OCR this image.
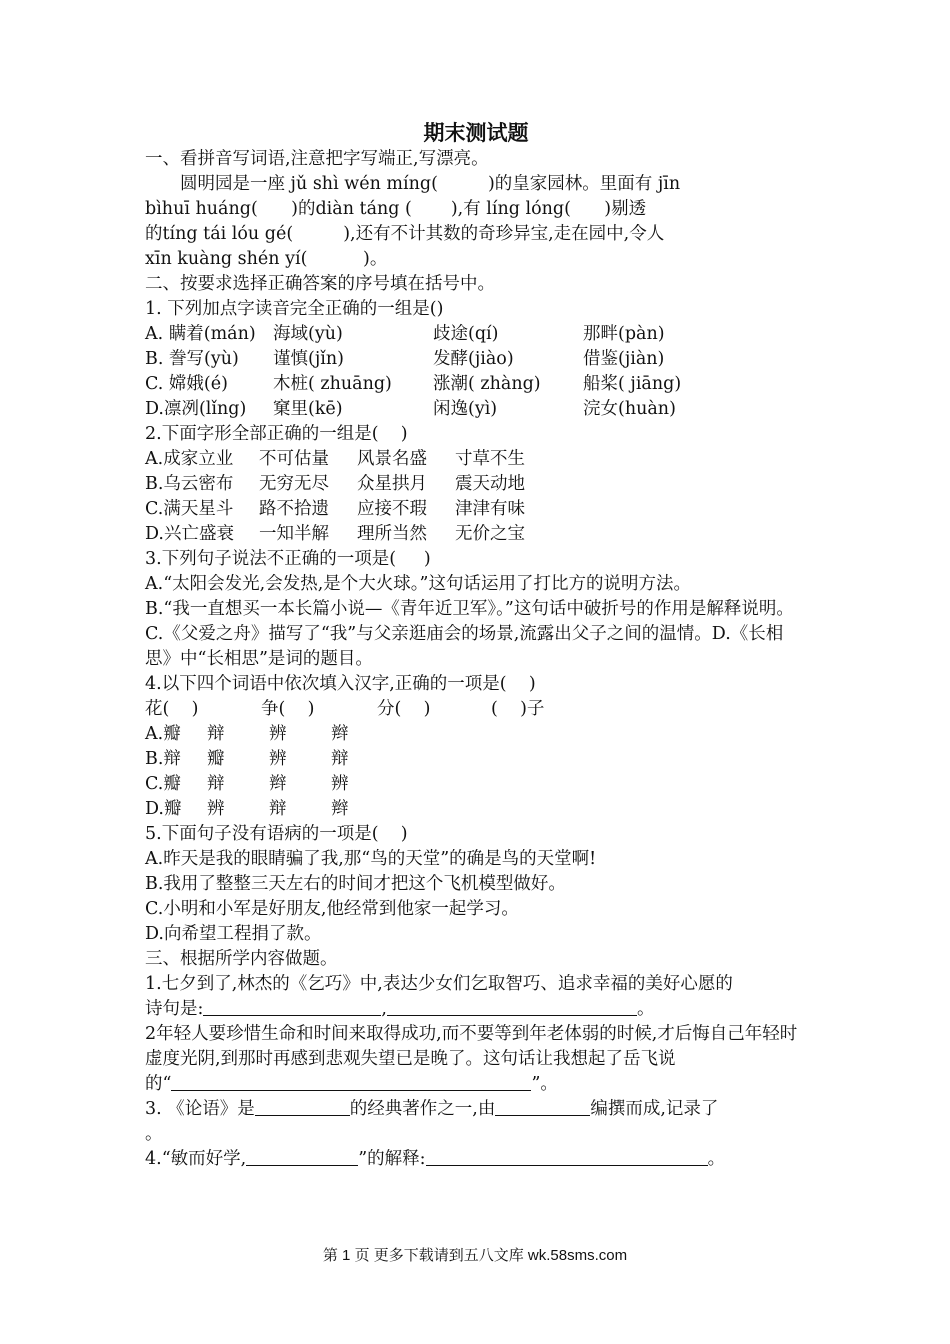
期末测试题
一、看拼音写词语,注意把字写端正,写漂亮。
圆明园是一座 jǔ shì wén míng(         )的皇家园林。里面有 jīn
bìhuī huáng(      )的diàn táng (       ),有 líng lóng(      )剔透
的tíng tái lóu gé(         ),还有不计其数的奇珍异宝,走在园中,令人
xīn kuàng shén yí(          )。
二、按要求选择正确答案的序号填在括号中。
1. 下列加点字读音完全正确的一组是()
A. 瞒着(mán) 海域(yù)	歧途(qí)	那畔(pàn)
B. 誊写(yù)	谨慎(jǐn)	发酵(jiào)	借鉴(jiàn)
C. 嫦娥(é)	木桩( zhuāng)	涨潮( zhàng)	船桨( jiāng)
D.凛冽(lǐng)	窠里(kē)	闲逸(yì)	浣女(huàn)
2.下面字形全部正确的一组是(    )
A.成家立业	不可估量	风景名盛	寸草不生
B.乌云密布	无穷无尽	众星拱月	震天动地
C.满天星斗	路不拾遗	应接不瑕	津津有味
D.兴亡盛衰	一知半解	理所当然	无价之宝
3.下列句子说法不正确的一项是(     )
A.“太阳会发光,会发热,是个大火球。”这句话运用了打比方的说明方法。
B.“我一直想买一本长篇小说—《青年近卫军》。”这句话中破折号的作用是解释说明。
C.《父爱之舟》描写了“我”与父亲逛庙会的场景,流露出父子之间的温情。D.《长相思》中“长相思”是词的题目。
4.以下四个词语中依次填入汉字,正确的一项是(    )
花(    )	争(    )	分(    )	(    )子
A.瓣	辩	辨	辫
B.辩	瓣	辨	辩
C.瓣	辩	辫	辨
D.瓣	辨	辩	辫
5.下面句子没有语病的一项是(    )
A.昨天是我的眼睛骗了我,那“鸟的天堂”的确是鸟的天堂啊!
B.我用了整整三天左右的时间才把这个飞机模型做好。
C.小明和小军是好朋友,他经常到他家一起学习。
D.向希望工程捐了款。
三、根据所学内容做题。
1.七夕到了,林杰的《乞巧》中,表达少女们乞取智巧、追求幸福的美好心愿的
诗句是:	,	。
2年轻人要珍惜生命和时间来取得成功,而不要等到年老体弱的时候,才后悔自己年轻时虚度光阴,到那时再感到悲观失望已是晚了。这句话让我想起了岳飞说
的“	”。
3. 《论语》是	的经典著作之一,由	编撰而成,记录了
。
4.“敏而好学,	”的解释:	。
第 1 页 更多下载请到五八文库 wk.58sms.com
